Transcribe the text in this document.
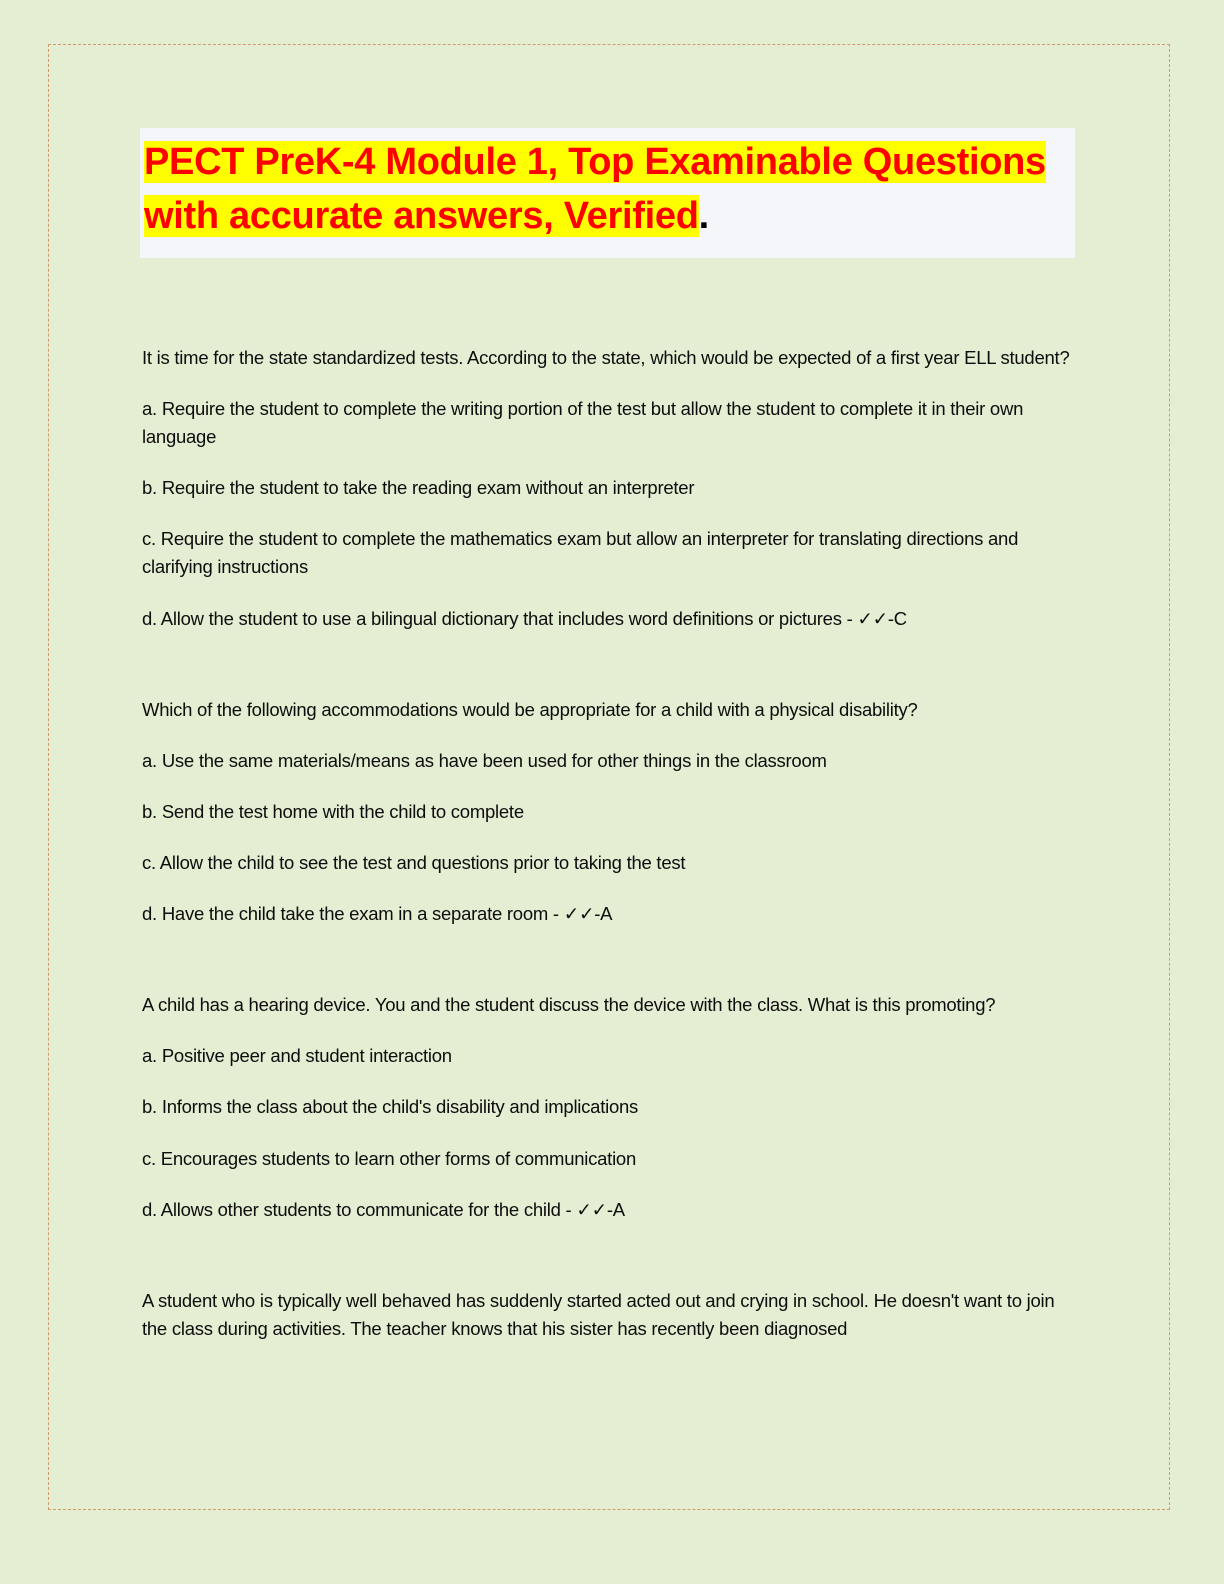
PECT PreK-4 Module 1, Top Examinable Questions with accurate answers, Verified.

It is time for the state standardized tests. According to the state, which would be expected of a first year ELL student?

a. Require the student to complete the writing portion of the test but allow the student to complete it in their own language

b. Require the student to take the reading exam without an interpreter

c. Require the student to complete the mathematics exam but allow an interpreter for translating directions and clarifying instructions

d. Allow the student to use a bilingual dictionary that includes word definitions or pictures - ✓✓-C

Which of the following accommodations would be appropriate for a child with a physical disability?

a. Use the same materials/means as have been used for other things in the classroom

b. Send the test home with the child to complete

c. Allow the child to see the test and questions prior to taking the test

d. Have the child take the exam in a separate room - ✓✓-A

A child has a hearing device. You and the student discuss the device with the class. What is this promoting?

a. Positive peer and student interaction

b. Informs the class about the child's disability and implications

c. Encourages students to learn other forms of communication

d. Allows other students to communicate for the child - ✓✓-A

A student who is typically well behaved has suddenly started acted out and crying in school. He doesn't want to join the class during activities. The teacher knows that his sister has recently been diagnosed
